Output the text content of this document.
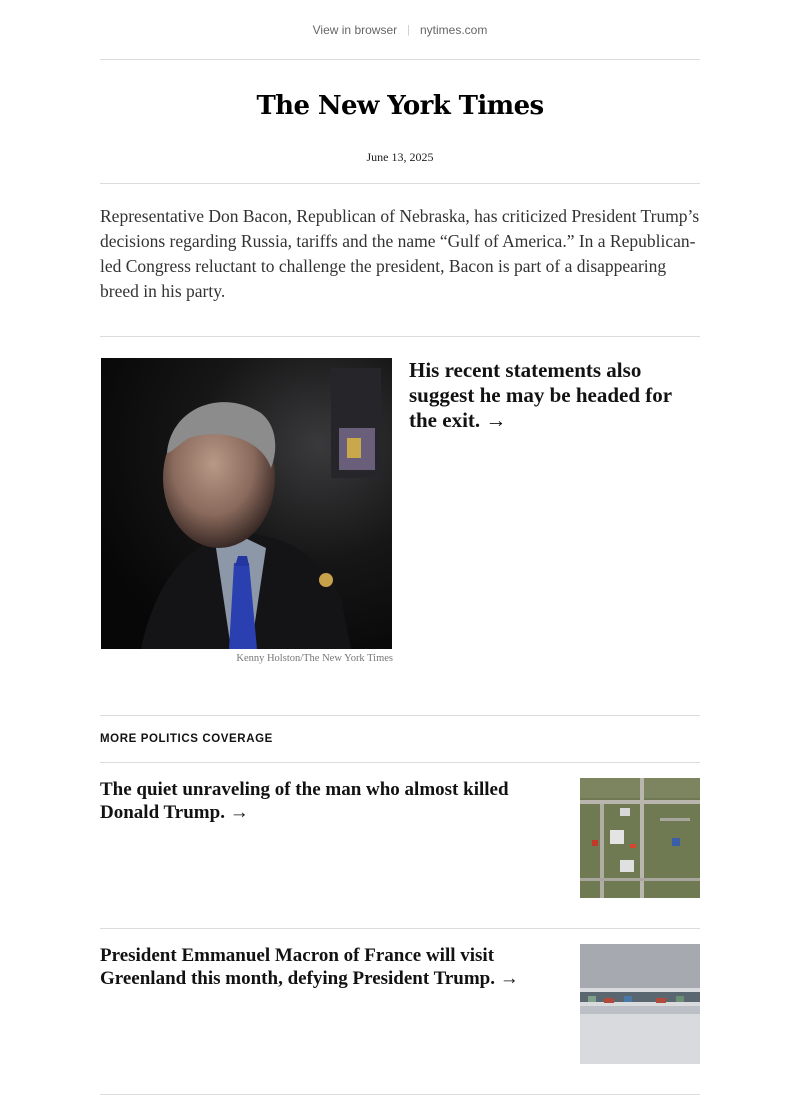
View in browser | nytimes.com
The New York Times
June 13, 2025
Representative Don Bacon, Republican of Nebraska, has criticized President Trump’s decisions regarding Russia, tariffs and the name “Gulf of America.” In a Republican-led Congress reluctant to challenge the president, Bacon is part of a disappearing breed in his party.
Kenny Holston/The New York Times
His recent statements also suggest he may be headed for the exit. →
MORE POLITICS COVERAGE
The quiet unraveling of the man who almost killed Donald Trump. →
President Emmanuel Macron of France will visit Greenland this month, defying President Trump. →
